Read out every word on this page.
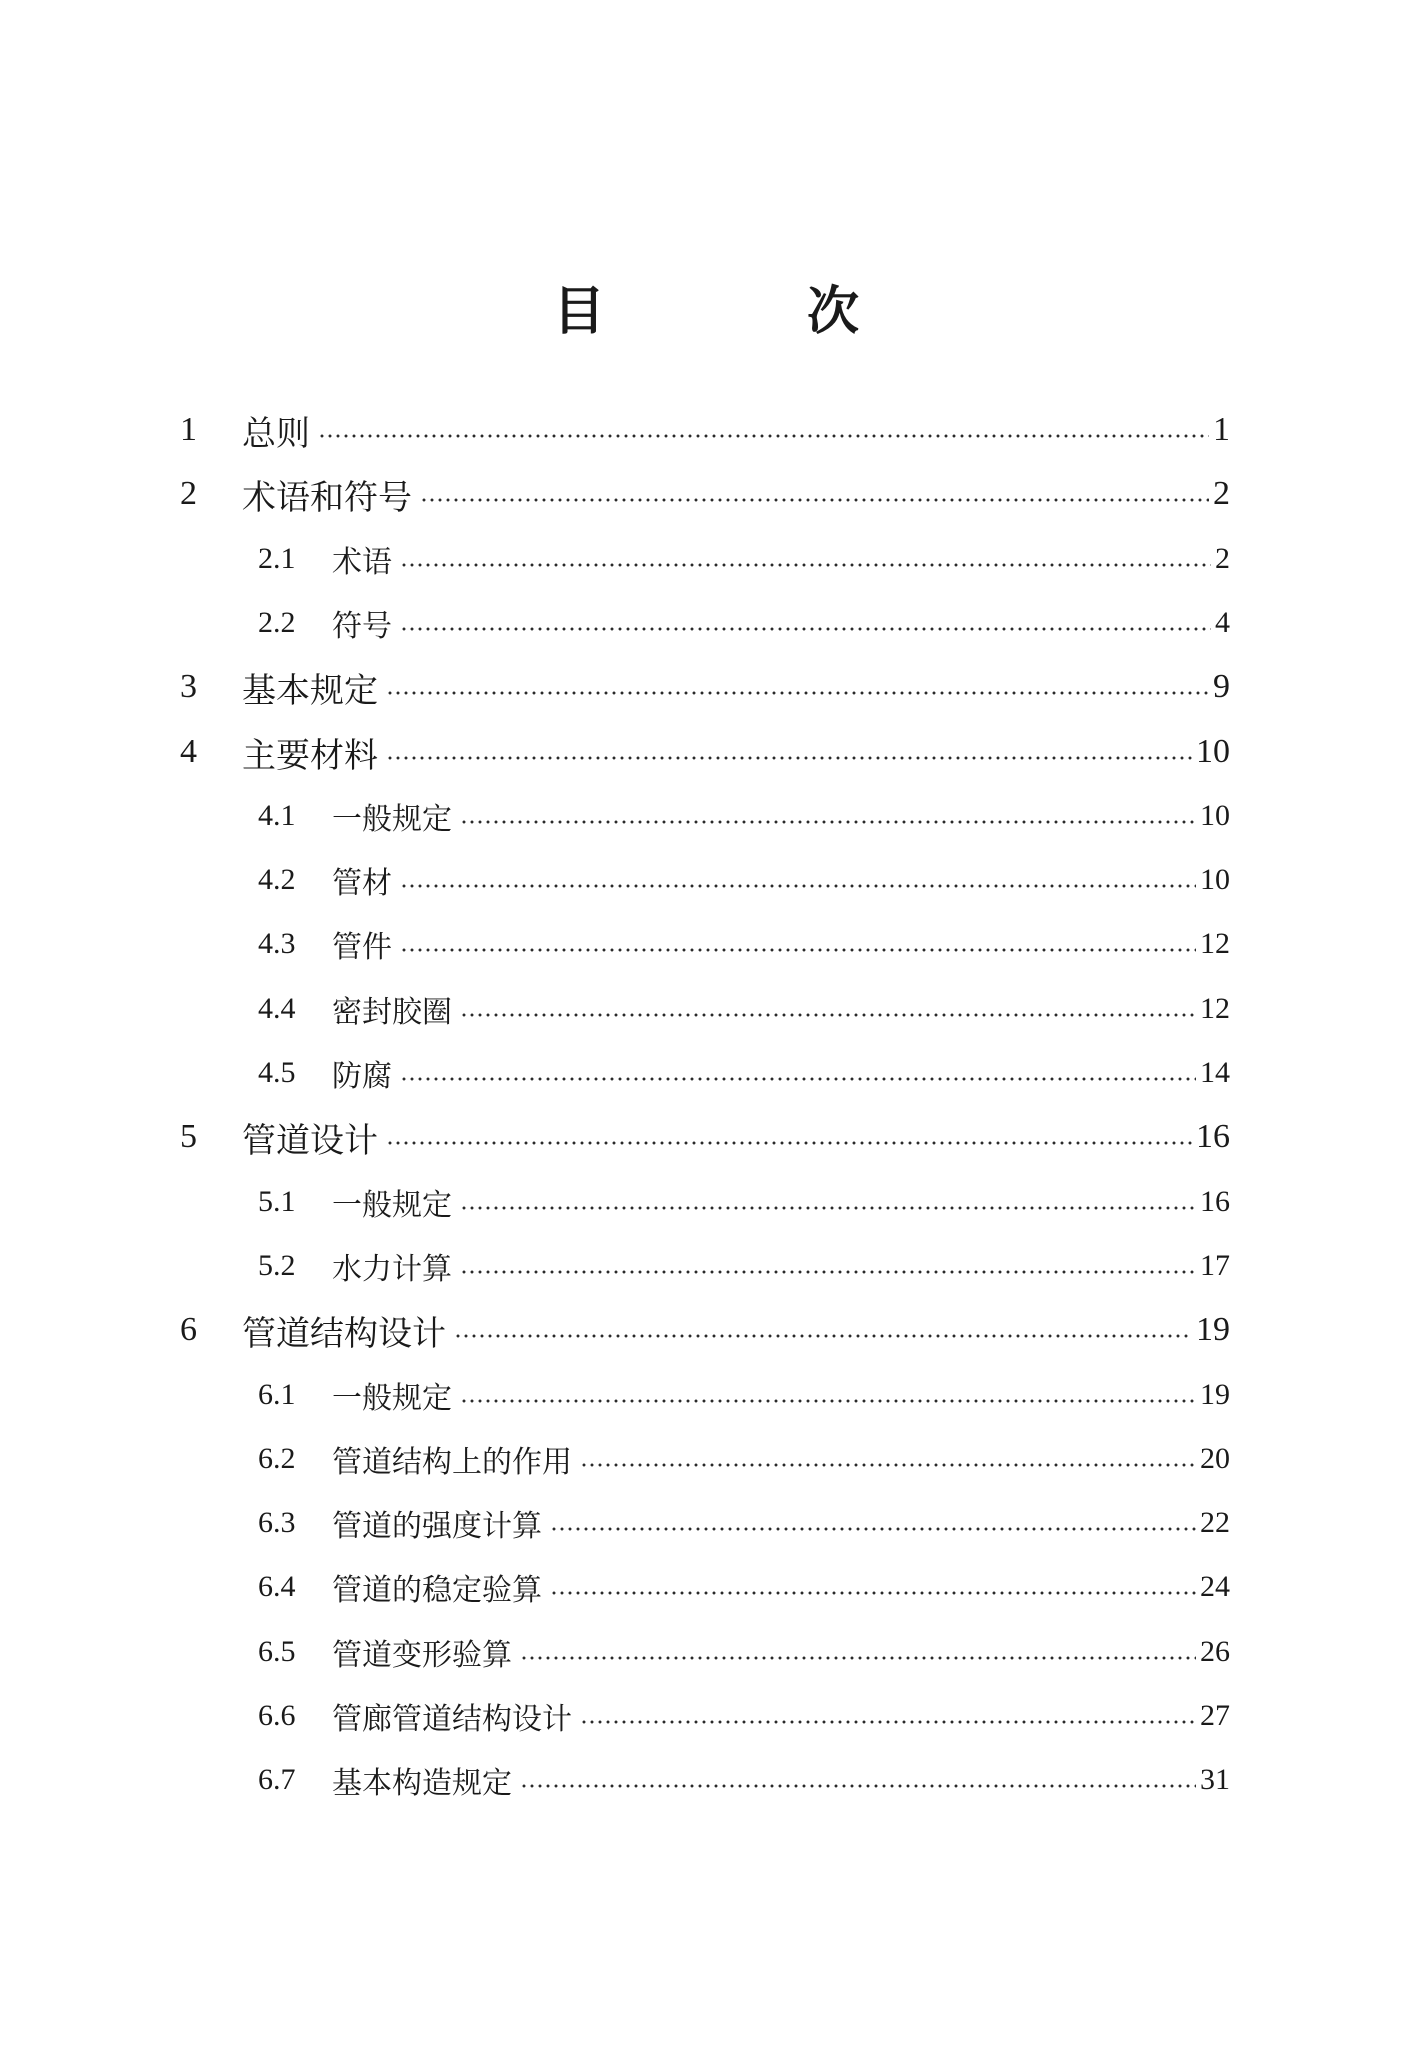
目 次
1	总则	1
2	术语和符号	2
2.1	术语	2
2.2	符号	4
3	基本规定	9
4	主要材料	10
4.1	一般规定	10
4.2	管材	10
4.3	管件	12
4.4	密封胶圈	12
4.5	防腐	14
5	管道设计	16
5.1	一般规定	16
5.2	水力计算	17
6	管道结构设计	19
6.1	一般规定	19
6.2	管道结构上的作用	20
6.3	管道的强度计算	22
6.4	管道的稳定验算	24
6.5	管道变形验算	26
6.6	管廊管道结构设计	27
6.7	基本构造规定	31
